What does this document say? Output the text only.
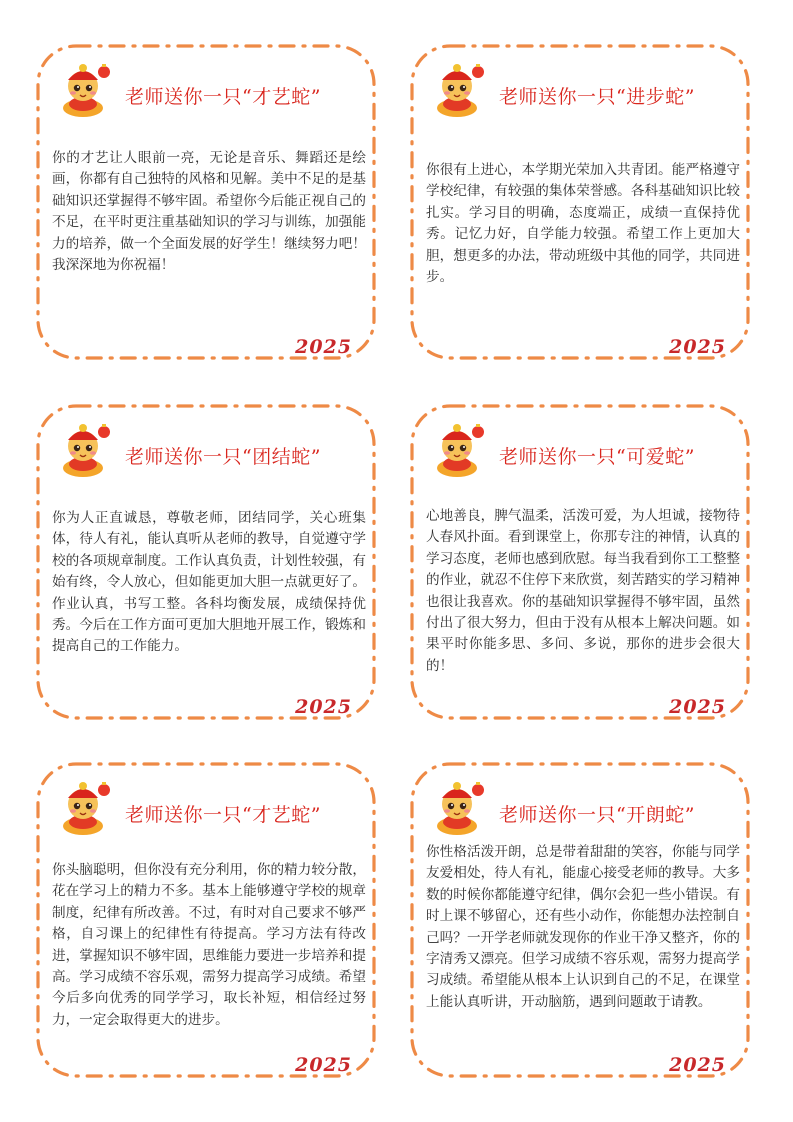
老师送你一只“才艺蛇”
你的才艺让人眼前一亮，无论是音乐、舞蹈还是绘画，你都有自己独特的风格和见解。美中不足的是基础知识还掌握得不够牢固。希望你今后能正视自己的不足，在平时更注重基础知识的学习与训练，加强能力的培养，做一个全面发展的好学生！继续努力吧！我深深地为你祝福！
2025
老师送你一只“进步蛇”
你很有上进心，本学期光荣加入共青团。能严格遵守学校纪律，有较强的集体荣誉感。各科基础知识比较扎实。学习目的明确，态度端正，成绩一直保持优秀。记忆力好，自学能力较强。希望工作上更加大胆，想更多的办法，带动班级中其他的同学，共同进步。
2025
老师送你一只“团结蛇”
你为人正直诚恳，尊敬老师，团结同学，关心班集体，待人有礼，能认真听从老师的教导，自觉遵守学校的各项规章制度。工作认真负责，计划性较强，有始有终，令人放心，但如能更加大胆一点就更好了。作业认真，书写工整。各科均衡发展，成绩保持优秀。今后在工作方面可更加大胆地开展工作，锻炼和提高自己的工作能力。
2025
老师送你一只“可爱蛇”
心地善良，脾气温柔，活泼可爱，为人坦诚，接物待人春风扑面。看到课堂上，你那专注的神情，认真的学习态度，老师也感到欣慰。每当我看到你工工整整的作业，就忍不住停下来欣赏，刻苦踏实的学习精神也很让我喜欢。你的基础知识掌握得不够牢固，虽然付出了很大努力，但由于没有从根本上解决问题。如果平时你能多思、多问、多说，那你的进步会很大的！
2025
老师送你一只“才艺蛇”
你头脑聪明，但你没有充分利用，你的精力较分散，花在学习上的精力不多。基本上能够遵守学校的规章制度，纪律有所改善。不过，有时对自己要求不够严格，自习课上的纪律性有待提高。学习方法有待改进，掌握知识不够牢固，思维能力要进一步培养和提高。学习成绩不容乐观，需努力提高学习成绩。希望今后多向优秀的同学学习，取长补短，相信经过努力，一定会取得更大的进步。
2025
老师送你一只“开朗蛇”
你性格活泼开朗，总是带着甜甜的笑容，你能与同学友爱相处，待人有礼，能虚心接受老师的教导。大多数的时候你都能遵守纪律，偶尔会犯一些小错误。有时上课不够留心，还有些小动作，你能想办法控制自己吗？一开学老师就发现你的作业干净又整齐，你的字清秀又漂亮。但学习成绩不容乐观，需努力提高学习成绩。希望能从根本上认识到自己的不足，在课堂上能认真听讲，开动脑筋，遇到问题敢于请教。
2025
